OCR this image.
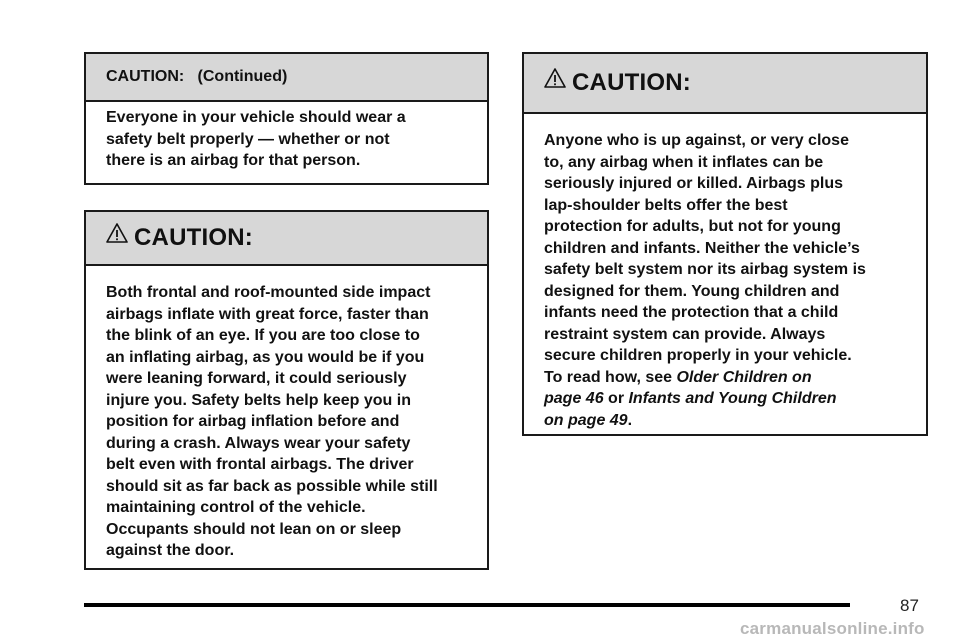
CAUTION:   (Continued)
Everyone in your vehicle should wear a
safety belt properly — whether or not
there is an airbag for that person.
CAUTION:
Both frontal and roof-mounted side impact
airbags inflate with great force, faster than
the blink of an eye. If you are too close to
an inflating airbag, as you would be if you
were leaning forward, it could seriously
injure you. Safety belts help keep you in
position for airbag inflation before and
during a crash. Always wear your safety
belt even with frontal airbags. The driver
should sit as far back as possible while still
maintaining control of the vehicle.
Occupants should not lean on or sleep
against the door.
CAUTION:
Anyone who is up against, or very close
to, any airbag when it inflates can be
seriously injured or killed. Airbags plus
lap-shoulder belts offer the best
protection for adults, but not for young
children and infants. Neither the vehicle’s
safety belt system nor its airbag system is
designed for them. Young children and
infants need the protection that a child
restraint system can provide. Always
secure children properly in your vehicle.
To read how, see Older Children on
page 46 or Infants and Young Children
on page 49.
87
carmanualsonline.info
